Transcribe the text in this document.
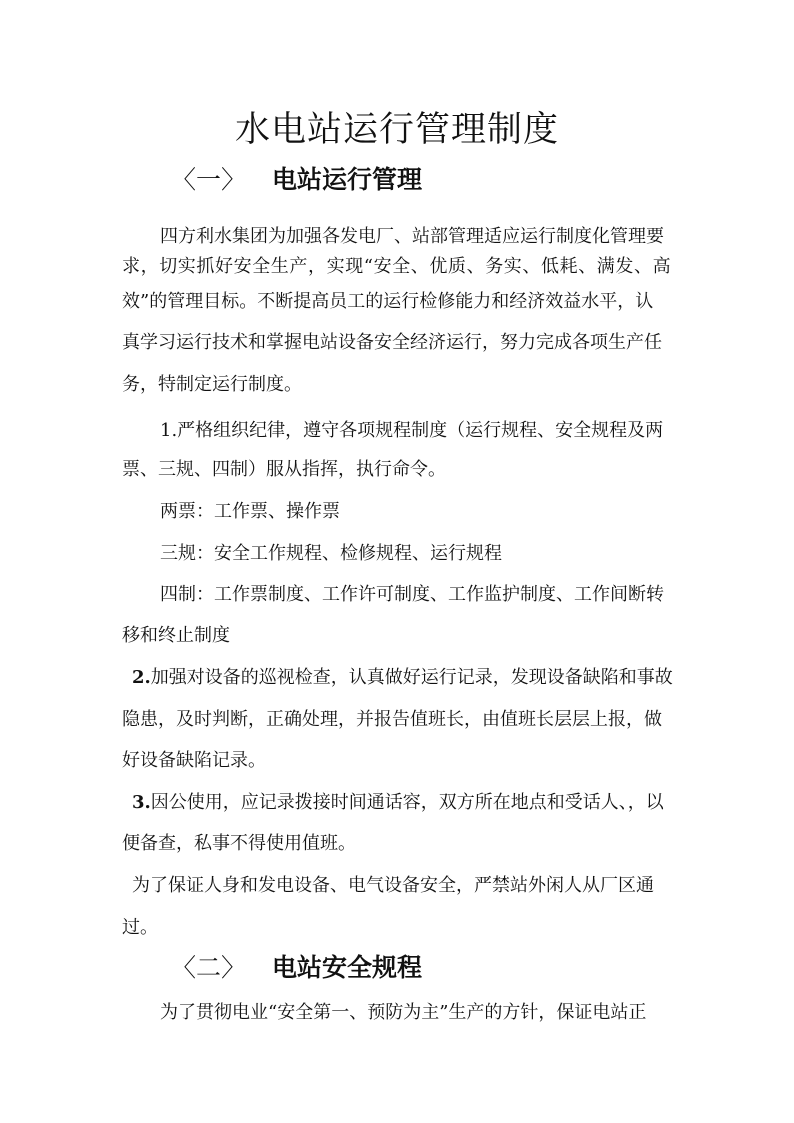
水电站运行管理制度
〈一〉 电站运行管理
四方利水集团为加强各发电厂、站部管理适应运行制度化管理要
求，切实抓好安全生产，实现“安全、优质、务实、低耗、满发、高
效”的管理目标。不断提高员工的运行检修能力和经济效益水平，认
真学习运行技术和掌握电站设备安全经济运行，努力完成各项生产任
务，特制定运行制度。
1.严格组织纪律，遵守各项规程制度（运行规程、安全规程及两
票、三规、四制）服从指挥，执行命令。
两票：工作票、操作票
三规：安全工作规程、检修规程、运行规程
四制：工作票制度、工作许可制度、工作监护制度、工作间断转
移和终止制度
2.加强对设备的巡视检查，认真做好运行记录，发现设备缺陷和事故
隐患，及时判断，正确处理，并报告值班长，由值班长层层上报，做
好设备缺陷记录。
3.因公使用，应记录拨接时间通话容，双方所在地点和受话人、，以
便备查，私事不得使用值班。
为了保证人身和发电设备、电气设备安全，严禁站外闲人从厂区通
过。
〈二〉 电站安全规程
为了贯彻电业“安全第一、预防为主”生产的方针，保证电站正
